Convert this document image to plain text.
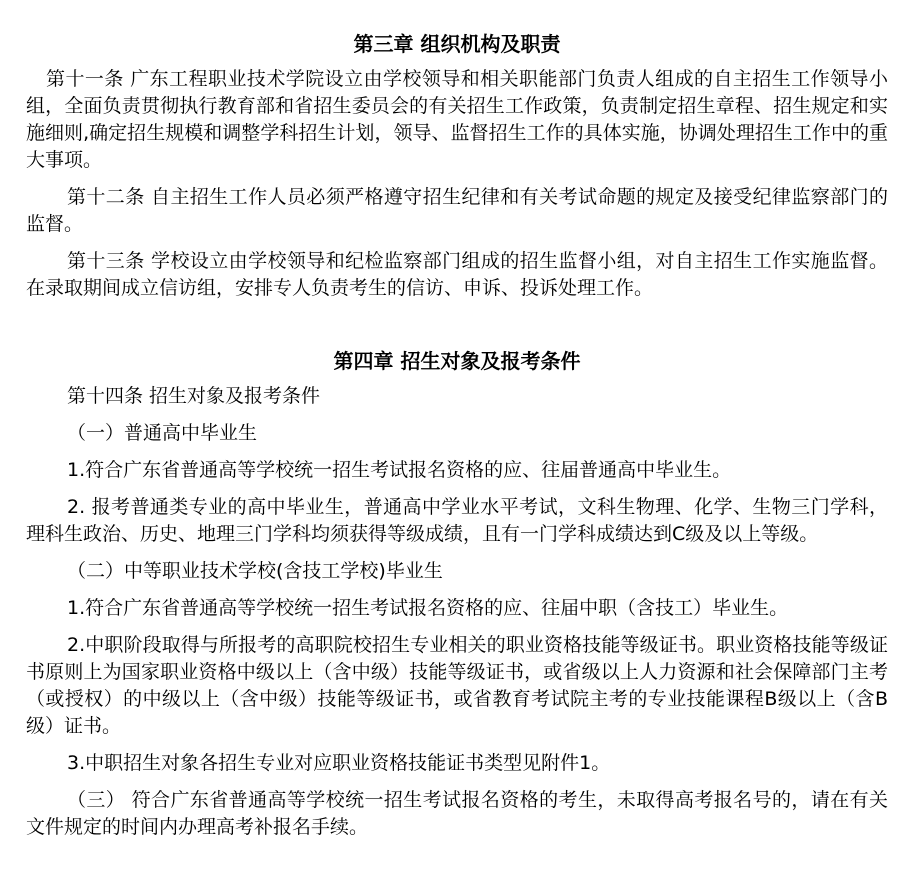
第三章 组织机构及职责

第十一条 广东工程职业技术学院设立由学校领导和相关职能部门负责人组成的自主招生工作领导小组，全面负责贯彻执行教育部和省招生委员会的有关招生工作政策，负责制定招生章程、招生规定和实施细则,确定招生规模和调整学科招生计划，领导、监督招生工作的具体实施，协调处理招生工作中的重大事项。

第十二条 自主招生工作人员必须严格遵守招生纪律和有关考试命题的规定及接受纪律监察部门的监督。

第十三条 学校设立由学校领导和纪检监察部门组成的招生监督小组，对自主招生工作实施监督。在录取期间成立信访组，安排专人负责考生的信访、申诉、投诉处理工作。

第四章 招生对象及报考条件

第十四条 招生对象及报考条件

（一）普通高中毕业生

1.符合广东省普通高等学校统一招生考试报名资格的应、往届普通高中毕业生。

2. 报考普通类专业的高中毕业生，普通高中学业水平考试，文科生物理、化学、生物三门学科，理科生政治、历史、地理三门学科均须获得等级成绩，且有一门学科成绩达到C级及以上等级。

（二）中等职业技术学校(含技工学校)毕业生

1.符合广东省普通高等学校统一招生考试报名资格的应、往届中职（含技工）毕业生。

2.中职阶段取得与所报考的高职院校招生专业相关的职业资格技能等级证书。职业资格技能等级证书原则上为国家职业资格中级以上（含中级）技能等级证书，或省级以上人力资源和社会保障部门主考（或授权）的中级以上（含中级）技能等级证书，或省教育考试院主考的专业技能课程B级以上（含B级）证书。

3.中职招生对象各招生专业对应职业资格技能证书类型见附件1。

（三） 符合广东省普通高等学校统一招生考试报名资格的考生，未取得高考报名号的，请在有关文件规定的时间内办理高考补报名手续。
